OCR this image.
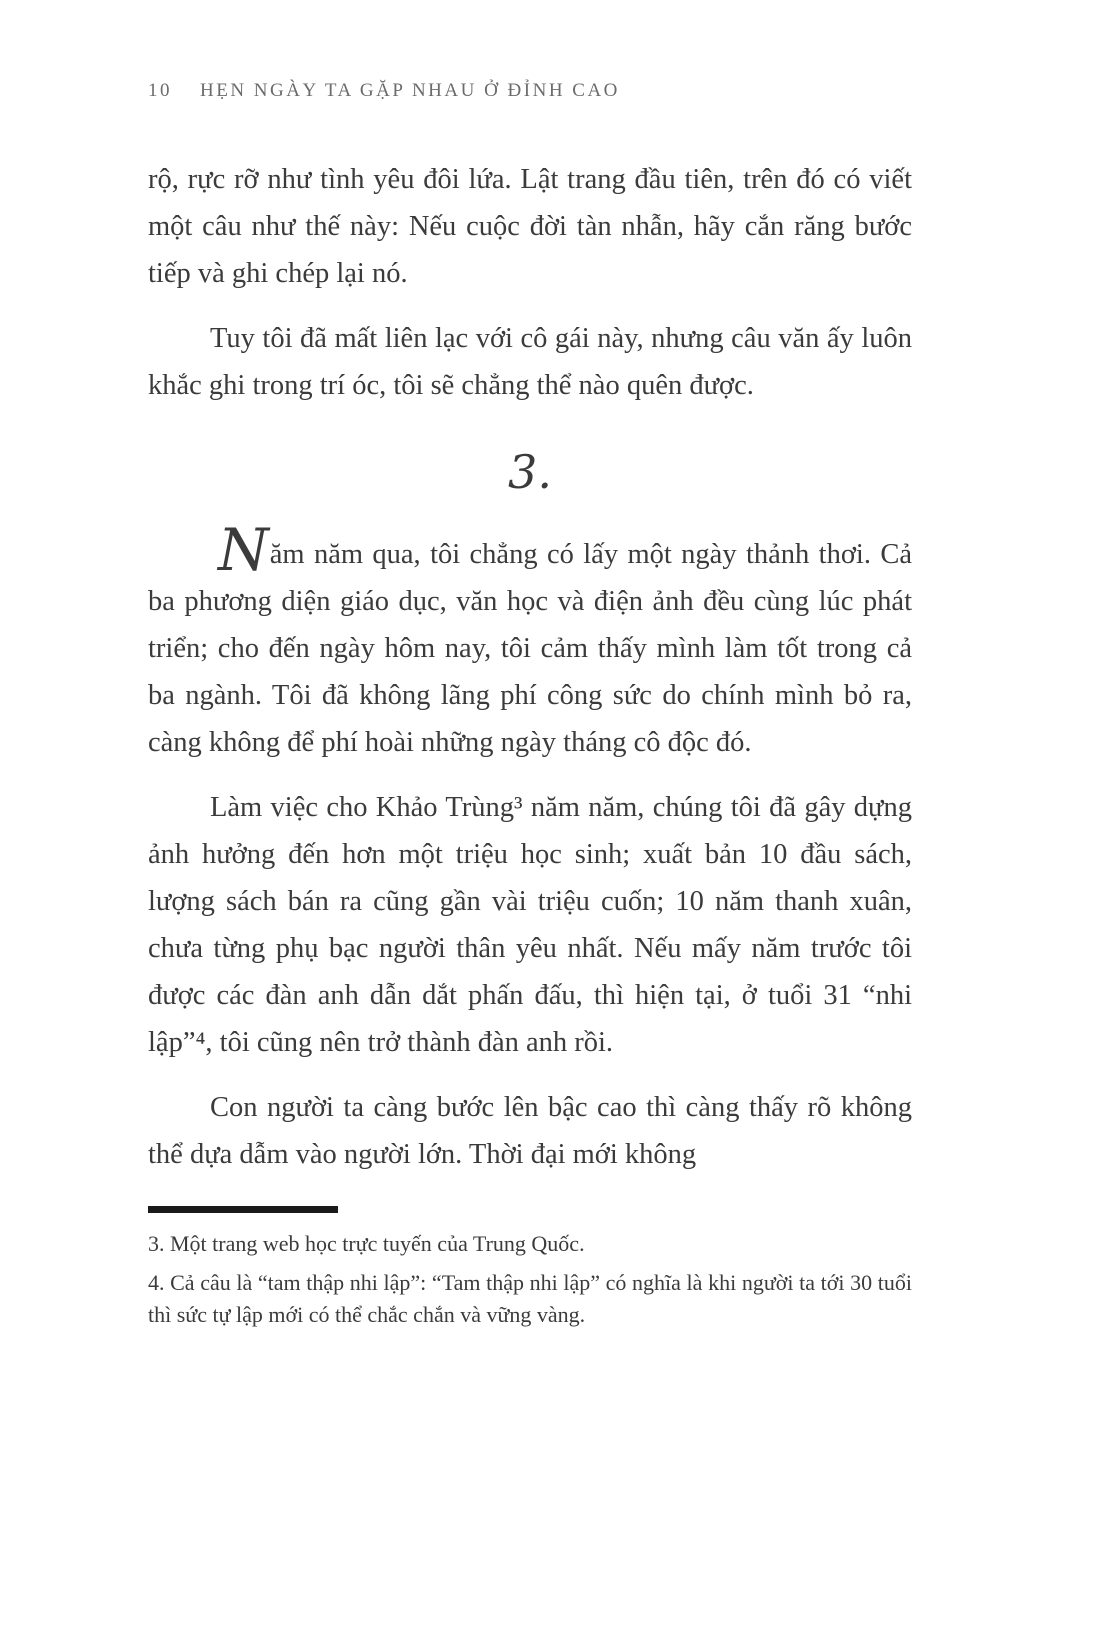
10 HẸN NGÀY TA GẶP NHAU Ở ĐỈNH CAO

rộ, rực rỡ như tình yêu đôi lứa. Lật trang đầu tiên, trên đó có viết một câu như thế này: Nếu cuộc đời tàn nhẫn, hãy cắn răng bước tiếp và ghi chép lại nó.

Tuy tôi đã mất liên lạc với cô gái này, nhưng câu văn ấy luôn khắc ghi trong trí óc, tôi sẽ chẳng thể nào quên được.

3.

Năm năm qua, tôi chẳng có lấy một ngày thảnh thơi. Cả ba phương diện giáo dục, văn học và điện ảnh đều cùng lúc phát triển; cho đến ngày hôm nay, tôi cảm thấy mình làm tốt trong cả ba ngành. Tôi đã không lãng phí công sức do chính mình bỏ ra, càng không để phí hoài những ngày tháng cô độc đó.

Làm việc cho Khảo Trùng³ năm năm, chúng tôi đã gây dựng ảnh hưởng đến hơn một triệu học sinh; xuất bản 10 đầu sách, lượng sách bán ra cũng gần vài triệu cuốn; 10 năm thanh xuân, chưa từng phụ bạc người thân yêu nhất. Nếu mấy năm trước tôi được các đàn anh dẫn dắt phấn đấu, thì hiện tại, ở tuổi 31 “nhi lập”⁴, tôi cũng nên trở thành đàn anh rồi.

Con người ta càng bước lên bậc cao thì càng thấy rõ không thể dựa dẫm vào người lớn. Thời đại mới không

3. Một trang web học trực tuyến của Trung Quốc.

4. Cả câu là “tam thập nhi lập”: “Tam thập nhi lập” có nghĩa là khi người ta tới 30 tuổi thì sức tự lập mới có thể chắc chắn và vững vàng.
